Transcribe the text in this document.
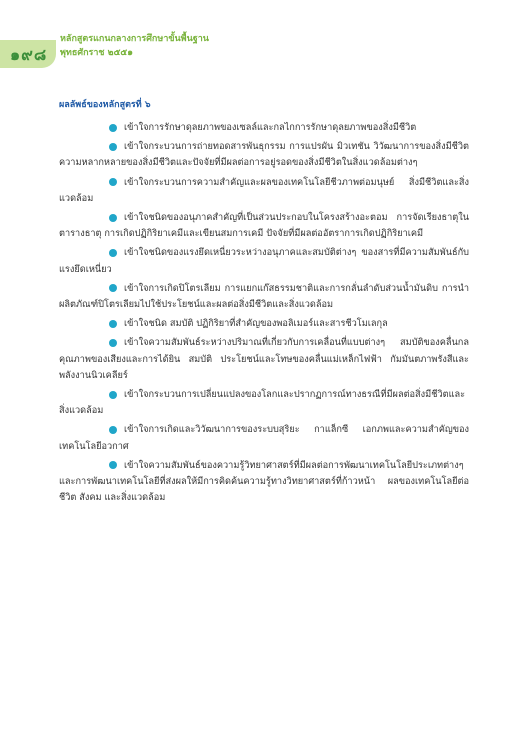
๑๙๘
หลักสูตรแกนกลางการศึกษาขั้นพื้นฐาน
พุทธศักราช ๒๕๕๑
ผลลัพธ์ของหลักสูตรที่ ๖

เข้าใจการรักษาดุลยภาพของเซลล์และกลไกการรักษาดุลยภาพของสิ่งมีชีวิต

เข้าใจกระบวนการถ่ายทอดสารพันธุกรรม การแปรผัน มิวเทชัน วิวัฒนาการของสิ่งมีชีวิต ความหลากหลายของสิ่งมีชีวิตและปัจจัยที่มีผลต่อการอยู่รอดของสิ่งมีชีวิตในสิ่งแวดล้อมต่างๆ

เข้าใจกระบวนการความสำคัญและผลของเทคโนโลยีชีวภาพต่อมนุษย์ สิ่งมีชีวิตและสิ่งแวดล้อม

เข้าใจชนิดของอนุภาคสำคัญที่เป็นส่วนประกอบในโครงสร้างอะตอม การจัดเรียงธาตุในตารางธาตุ การเกิดปฏิกิริยาเคมีและเขียนสมการเคมี ปัจจัยที่มีผลต่ออัตราการเกิดปฏิกิริยาเคมี

เข้าใจชนิดของแรงยึดเหนี่ยวระหว่างอนุภาคและสมบัติต่างๆ ของสารที่มีความสัมพันธ์กับแรงยึดเหนี่ยว

เข้าใจการเกิดปิโตรเลียม การแยกแก๊สธรรมชาติและการกลั่นลำดับส่วนน้ำมันดิบ การนำผลิตภัณฑ์ปิโตรเลียมไปใช้ประโยชน์และผลต่อสิ่งมีชีวิตและสิ่งแวดล้อม

เข้าใจชนิด สมบัติ ปฏิกิริยาที่สำคัญของพอลิเมอร์และสารชีวโมเลกุล

เข้าใจความสัมพันธ์ระหว่างปริมาณที่เกี่ยวกับการเคลื่อนที่แบบต่างๆ สมบัติของคลื่นกล คุณภาพของเสียงและการได้ยิน สมบัติ ประโยชน์และโทษของคลื่นแม่เหล็กไฟฟ้า กัมมันตภาพรังสีและพลังงานนิวเคลียร์

เข้าใจกระบวนการเปลี่ยนแปลงของโลกและปรากฏการณ์ทางธรณีที่มีผลต่อสิ่งมีชีวิตและสิ่งแวดล้อม

เข้าใจการเกิดและวิวัฒนาการของระบบสุริยะ กาแล็กซี เอกภพและความสำคัญของเทคโนโลยีอวกาศ

เข้าใจความสัมพันธ์ของความรู้วิทยาศาสตร์ที่มีผลต่อการพัฒนาเทคโนโลยีประเภทต่างๆ และการพัฒนาเทคโนโลยีที่ส่งผลให้มีการคิดค้นความรู้ทางวิทยาศาสตร์ที่ก้าวหน้า ผลของเทคโนโลยีต่อชีวิต สังคม และสิ่งแวดล้อม
